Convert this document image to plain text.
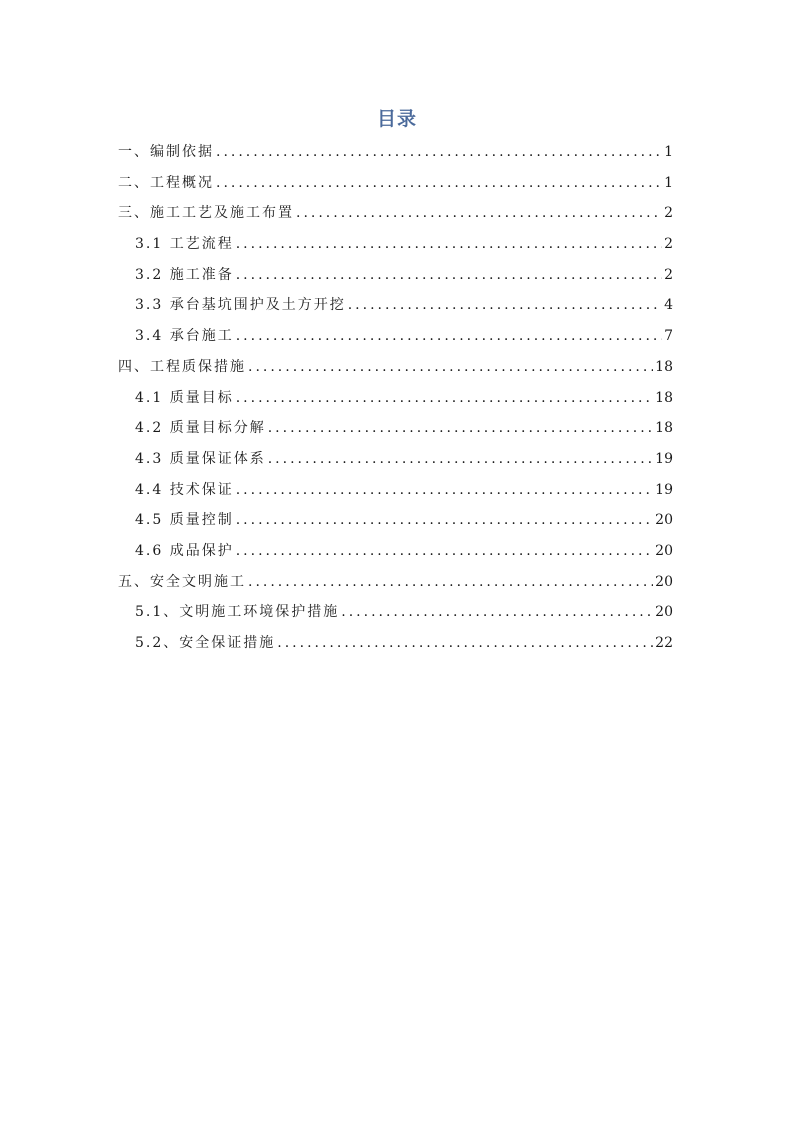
目录
一、编制依据 .....	1
二、工程概况 .....	1
三、施工工艺及施工布置 .....	2
3.1 工艺流程 .....	2
3.2 施工准备 .....	2
3.3 承台基坑围护及土方开挖 .....	4
3.4 承台施工 .....	7
四、工程质保措施 .....	18
4.1 质量目标 .....	18
4.2 质量目标分解 .....	18
4.3 质量保证体系 .....	19
4.4 技术保证 .....	19
4.5 质量控制 .....	20
4.6 成品保护 .....	20
五、安全文明施工 .....	20
5.1、文明施工环境保护措施 .....	20
5.2、安全保证措施 .....	22
